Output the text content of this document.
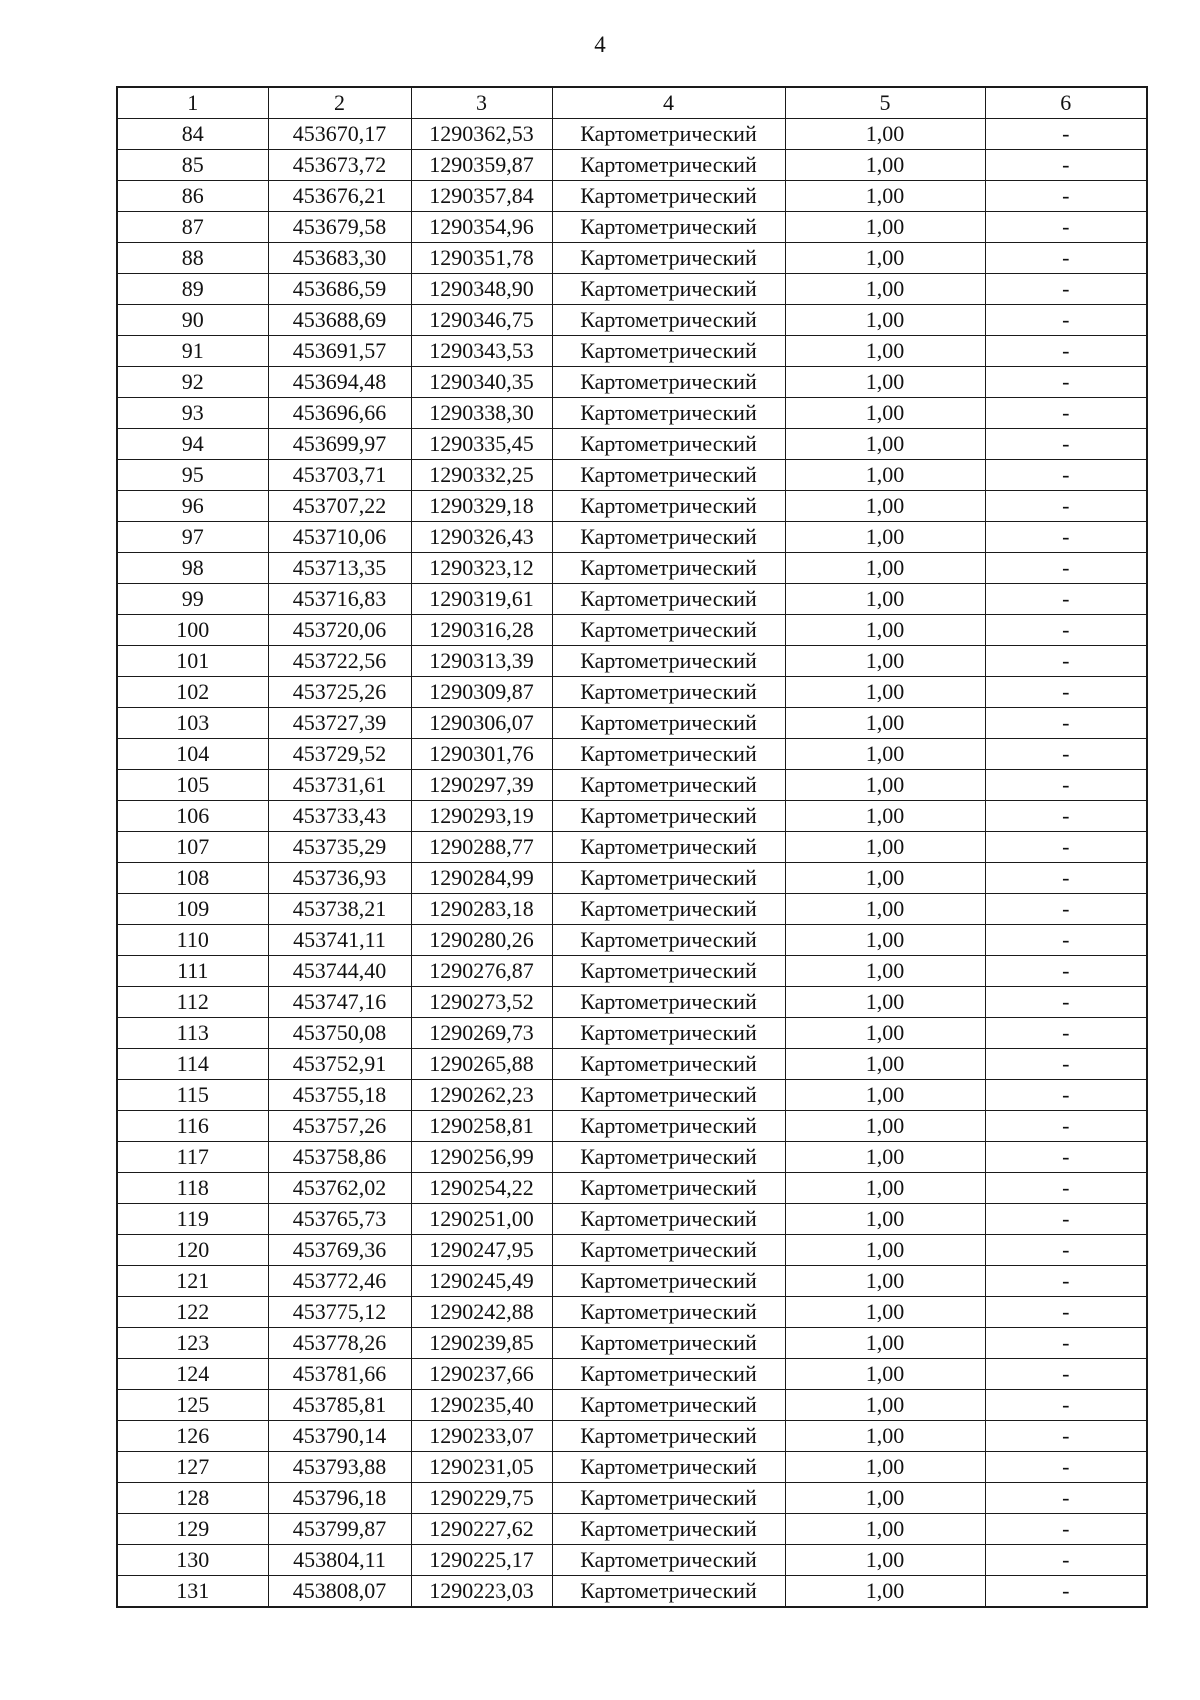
4
1	2	3	4	5	6
84	453670,17	1290362,53	Картометрический	1,00	-
85	453673,72	1290359,87	Картометрический	1,00	-
86	453676,21	1290357,84	Картометрический	1,00	-
87	453679,58	1290354,96	Картометрический	1,00	-
88	453683,30	1290351,78	Картометрический	1,00	-
89	453686,59	1290348,90	Картометрический	1,00	-
90	453688,69	1290346,75	Картометрический	1,00	-
91	453691,57	1290343,53	Картометрический	1,00	-
92	453694,48	1290340,35	Картометрический	1,00	-
93	453696,66	1290338,30	Картометрический	1,00	-
94	453699,97	1290335,45	Картометрический	1,00	-
95	453703,71	1290332,25	Картометрический	1,00	-
96	453707,22	1290329,18	Картометрический	1,00	-
97	453710,06	1290326,43	Картометрический	1,00	-
98	453713,35	1290323,12	Картометрический	1,00	-
99	453716,83	1290319,61	Картометрический	1,00	-
100	453720,06	1290316,28	Картометрический	1,00	-
101	453722,56	1290313,39	Картометрический	1,00	-
102	453725,26	1290309,87	Картометрический	1,00	-
103	453727,39	1290306,07	Картометрический	1,00	-
104	453729,52	1290301,76	Картометрический	1,00	-
105	453731,61	1290297,39	Картометрический	1,00	-
106	453733,43	1290293,19	Картометрический	1,00	-
107	453735,29	1290288,77	Картометрический	1,00	-
108	453736,93	1290284,99	Картометрический	1,00	-
109	453738,21	1290283,18	Картометрический	1,00	-
110	453741,11	1290280,26	Картометрический	1,00	-
111	453744,40	1290276,87	Картометрический	1,00	-
112	453747,16	1290273,52	Картометрический	1,00	-
113	453750,08	1290269,73	Картометрический	1,00	-
114	453752,91	1290265,88	Картометрический	1,00	-
115	453755,18	1290262,23	Картометрический	1,00	-
116	453757,26	1290258,81	Картометрический	1,00	-
117	453758,86	1290256,99	Картометрический	1,00	-
118	453762,02	1290254,22	Картометрический	1,00	-
119	453765,73	1290251,00	Картометрический	1,00	-
120	453769,36	1290247,95	Картометрический	1,00	-
121	453772,46	1290245,49	Картометрический	1,00	-
122	453775,12	1290242,88	Картометрический	1,00	-
123	453778,26	1290239,85	Картометрический	1,00	-
124	453781,66	1290237,66	Картометрический	1,00	-
125	453785,81	1290235,40	Картометрический	1,00	-
126	453790,14	1290233,07	Картометрический	1,00	-
127	453793,88	1290231,05	Картометрический	1,00	-
128	453796,18	1290229,75	Картометрический	1,00	-
129	453799,87	1290227,62	Картометрический	1,00	-
130	453804,11	1290225,17	Картометрический	1,00	-
131	453808,07	1290223,03	Картометрический	1,00	-
